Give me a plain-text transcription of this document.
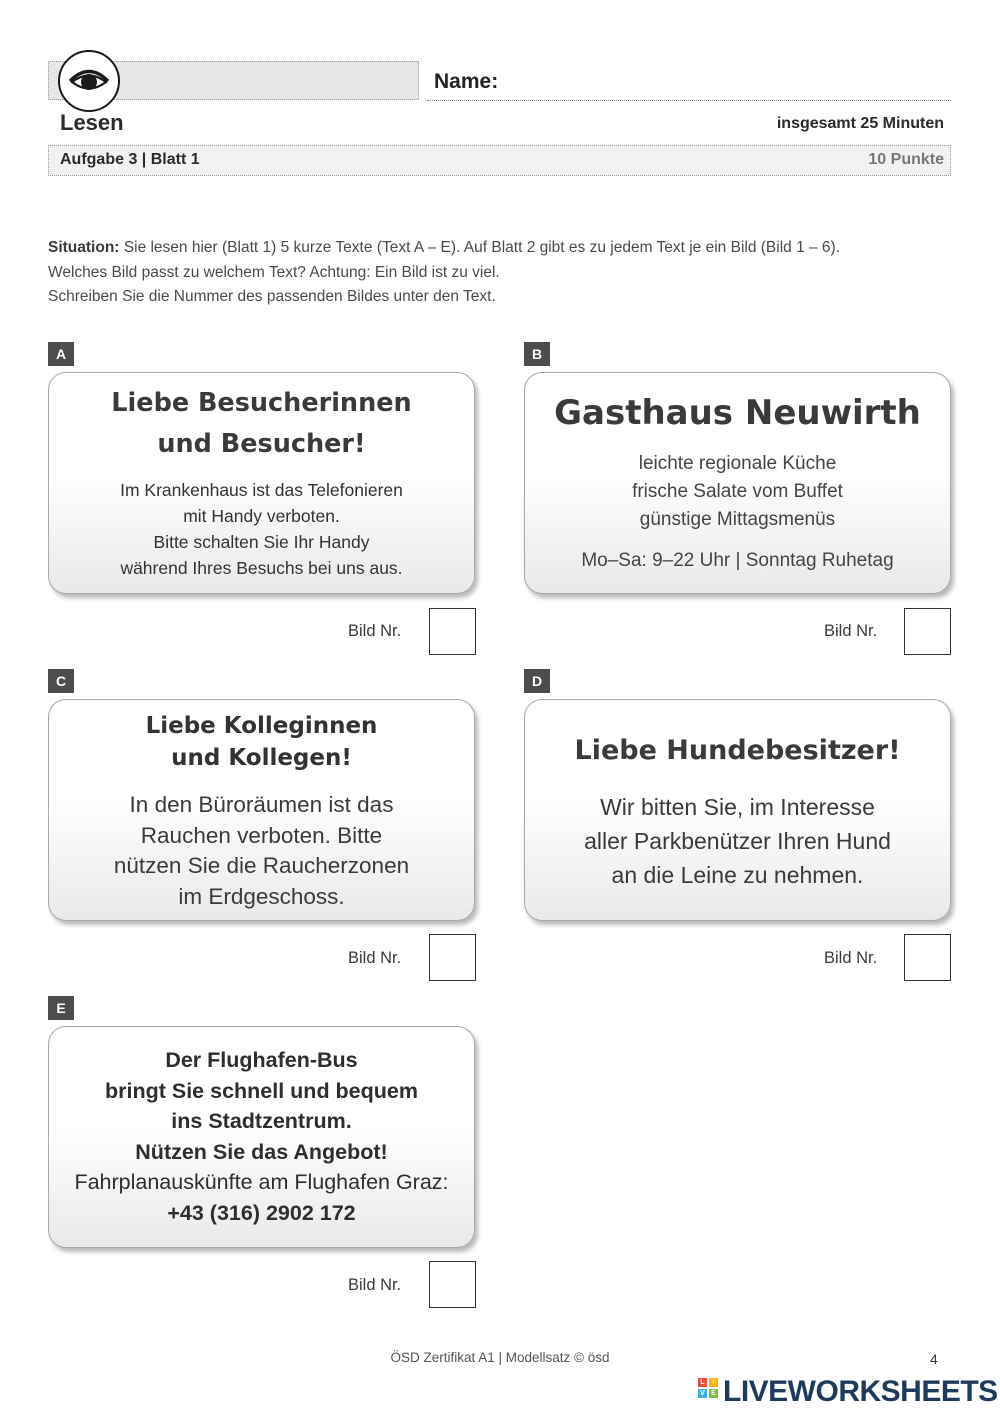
Name:
Lesen	insgesamt 25 Minuten
Aufgabe 3 | Blatt 1	10 Punkte
Situation: Sie lesen hier (Blatt 1) 5 kurze Texte (Text A – E). Auf Blatt 2 gibt es zu jedem Text je ein Bild (Bild 1 – 6).
Welches Bild passt zu welchem Text? Achtung: Ein Bild ist zu viel.
Schreiben Sie die Nummer des passenden Bildes unter den Text.
A

Liebe Besucherinnen

und Besucher!

Im Krankenhaus ist das Telefonieren

mit Handy verboten.

Bitte schalten Sie Ihr Handy

während Ihres Besuchs bei uns aus.

Bild Nr.
B

Gasthaus Neuwirth

leichte regionale Küche

frische Salate vom Buffet

günstige Mittagsmenüs

Mo–Sa: 9–22 Uhr | Sonntag Ruhetag

Bild Nr.
C

Liebe Kolleginnen

und Kollegen!

In den Büroräumen ist das

Rauchen verboten. Bitte

nützen Sie die Raucherzonen

im Erdgeschoss.

Bild Nr.
D

Liebe Hundebesitzer!

Wir bitten Sie, im Interesse

aller Parkbenützer Ihren Hund

an die Leine zu nehmen.

Bild Nr.
E

Der Flughafen-Bus

bringt Sie schnell und bequem

ins Stadtzentrum.

Nützen Sie das Angebot!

Fahrplanauskünfte am Flughafen Graz:

+43 (316) 2902 172

Bild Nr.
ÖSD Zertifikat A1 | Modellsatz © ösd	4
L	I
V E LIVEWORKSHEETS
